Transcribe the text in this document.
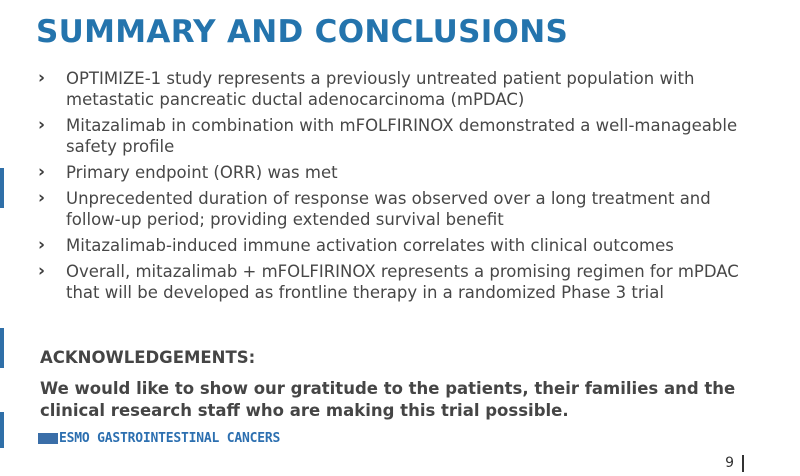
SUMMARY AND CONCLUSIONS
›	OPTIMIZE-1 study represents a previously untreated patient population with metastatic pancreatic ductal adenocarcinoma (mPDAC)
›	Mitazalimab in combination with mFOLFIRINOX demonstrated a well-manageable safety profile
›	Primary endpoint (ORR) was met
›	Unprecedented duration of response was observed over a long treatment and follow-up period; providing extended survival benefit
›	Mitazalimab-induced immune activation correlates with clinical outcomes
›	Overall, mitazalimab + mFOLFIRINOX represents a promising regimen for mPDAC that will be developed as frontline therapy in a randomized Phase 3 trial
ACKNOWLEDGEMENTS:

We would like to show our gratitude to the patients, their families and the clinical research staff who are making this trial possible.

ESMO GASTROINTESTINAL CANCERS
9
